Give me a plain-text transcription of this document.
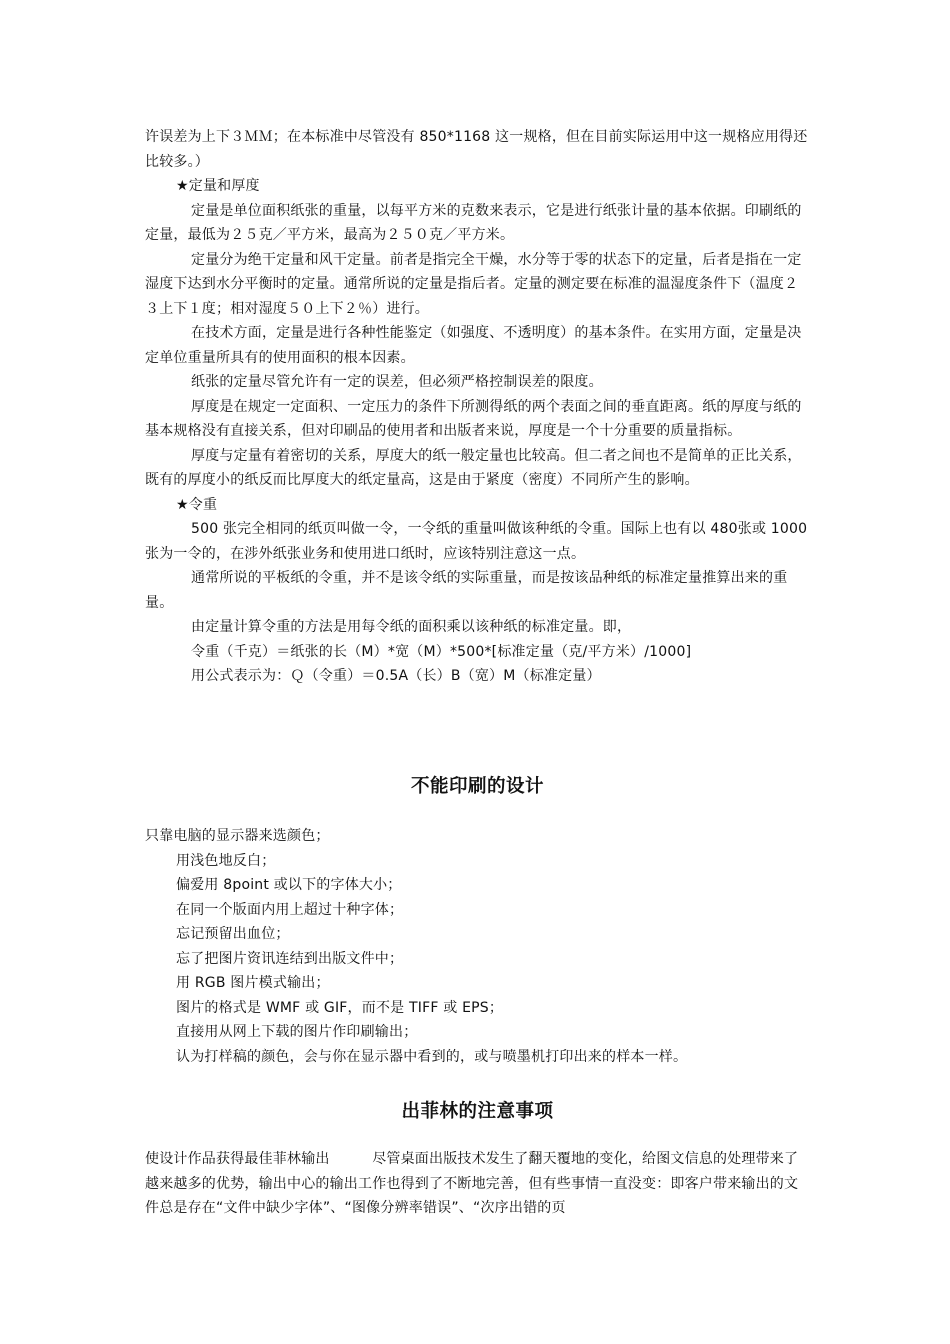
许误差为上下３ＭＭ；在本标准中尽管没有 850*1168 这一规格，但在目前实际运用中这一规格应用得还比较多。）

★定量和厚度

定量是单位面积纸张的重量，以每平方米的克数来表示，它是进行纸张计量的基本依据。印刷纸的定量，最低为２５克／平方米，最高为２５０克／平方米。

定量分为绝干定量和风干定量。前者是指完全干燥，水分等于零的状态下的定量，后者是指在一定湿度下达到水分平衡时的定量。通常所说的定量是指后者。定量的测定要在标准的温湿度条件下（温度２３上下１度；相对湿度５０上下２％）进行。

在技术方面，定量是进行各种性能鉴定（如强度、不透明度）的基本条件。在实用方面，定量是决定单位重量所具有的使用面积的根本因素。

纸张的定量尽管允许有一定的误差，但必须严格控制误差的限度。

厚度是在规定一定面积、一定压力的条件下所测得纸的两个表面之间的垂直距离。纸的厚度与纸的基本规格没有直接关系，但对印刷品的使用者和出版者来说，厚度是一个十分重要的质量指标。

厚度与定量有着密切的关系，厚度大的纸一般定量也比较高。但二者之间也不是简单的正比关系，既有的厚度小的纸反而比厚度大的纸定量高，这是由于紧度（密度）不同所产生的影响。

★令重

500 张完全相同的纸页叫做一令，一令纸的重量叫做该种纸的令重。国际上也有以 480张或 1000 张为一令的，在涉外纸张业务和使用进口纸时，应该特别注意这一点。

通常所说的平板纸的令重，并不是该令纸的实际重量，而是按该品种纸的标准定量推算出来的重量。

由定量计算令重的方法是用每令纸的面积乘以该种纸的标准定量。即，

令重（千克）＝纸张的长（M）*宽（M）*500*[标准定量（克/平方米）/1000]

用公式表示为：Ｑ（令重）＝0.5A（长）B（宽）M（标准定量）

不能印刷的设计

只靠电脑的显示器来选颜色；

用浅色地反白；

偏爱用 8point 或以下的字体大小；

在同一个版面内用上超过十种字体；

忘记预留出血位；

忘了把图片资讯连结到出版文件中；

用 RGB 图片模式输出；

图片的格式是 WMF 或 GIF，而不是 TIFF 或 EPS；

直接用从网上下载的图片作印刷输出；

认为打样稿的颜色，会与你在显示器中看到的，或与喷墨机打印出来的样本一样。

出菲林的注意事项

使设计作品获得最佳菲林输出　　　尽管桌面出版技术发生了翻天覆地的变化，给图文信息的处理带来了越来越多的优势，输出中心的输出工作也得到了不断地完善，但有些事情一直没变：即客户带来输出的文件总是存在“文件中缺少字体”、“图像分辨率错误”、“次序出错的页
